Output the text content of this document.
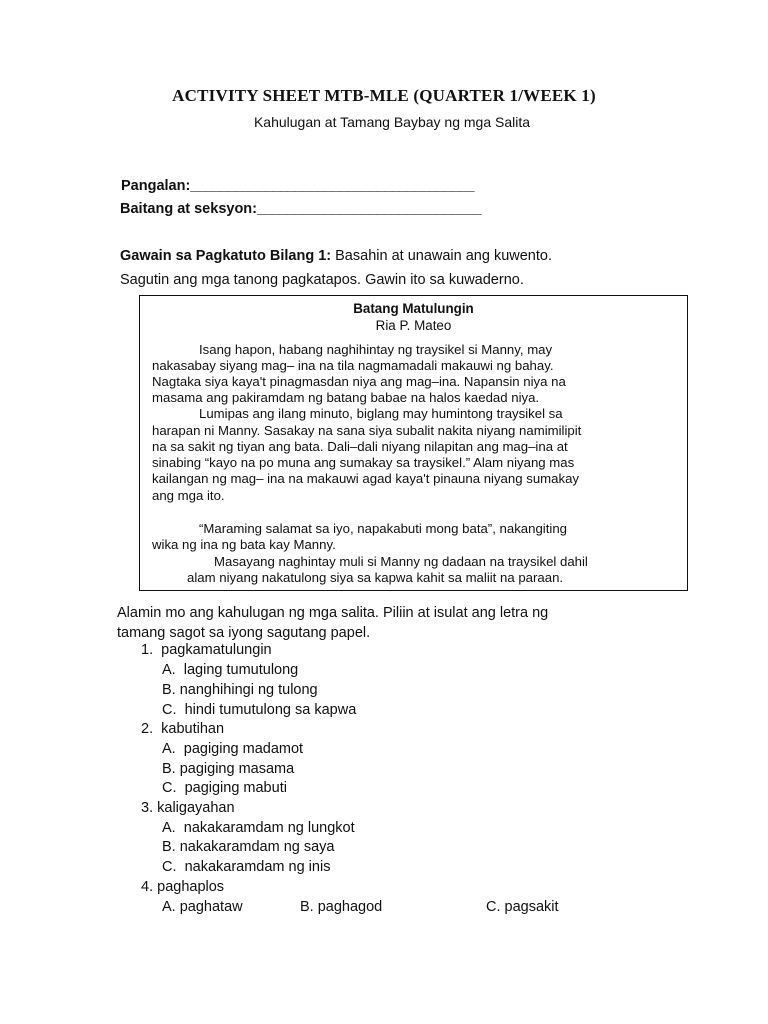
ACTIVITY SHEET MTB-MLE (QUARTER 1/WEEK 1)
Kahulugan at Tamang Baybay ng mga Salita
Pangalan:______________________________________
Baitang at seksyon:______________________________
Gawain sa Pagkatuto Bilang 1: Basahin at unawain ang kuwento.
Sagutin ang mga tanong pagkatapos. Gawin ito sa kuwaderno.
Batang Matulungin
Ria P. Mateo
Isang hapon, habang naghihintay ng traysikel si Manny, may
nakasabay siyang mag– ina na tila nagmamadali makauwi ng bahay.
Nagtaka siya kaya't pinagmasdan niya ang mag–ina. Napansin niya na
masama ang pakiramdam ng batang babae na halos kaedad niya.
Lumipas ang ilang minuto, biglang may humintong traysikel sa
harapan ni Manny. Sasakay na sana siya subalit nakita niyang namimilipit
na sa sakit ng tiyan ang bata. Dali–dali niyang nilapitan ang mag–ina at
sinabing “kayo na po muna ang sumakay sa traysikel.” Alam niyang mas
kailangan ng mag– ina na makauwi agad kaya't pinauna niyang sumakay
ang mga ito.
“Maraming salamat sa iyo, napakabuti mong bata”, nakangiting
wika ng ina ng bata kay Manny.
Masayang naghintay muli si Manny ng dadaan na traysikel dahil
alam niyang nakatulong siya sa kapwa kahit sa maliit na paraan.
Alamin mo ang kahulugan ng mga salita. Piliin at isulat ang letra ng
tamang sagot sa iyong sagutang papel.
1. pagkamatulungin
A. laging tumutulong
B. nanghihingi ng tulong
C. hindi tumutulong sa kapwa
2. kabutihan
A. pagiging madamot
B. pagiging masama
C. pagiging mabuti
3. kaligayahan
A. nakakaramdam ng lungkot
B. nakakaramdam ng saya
C. nakakaramdam ng inis
4. paghaplos
A. paghataw	B. paghagod	C. pagsakit
